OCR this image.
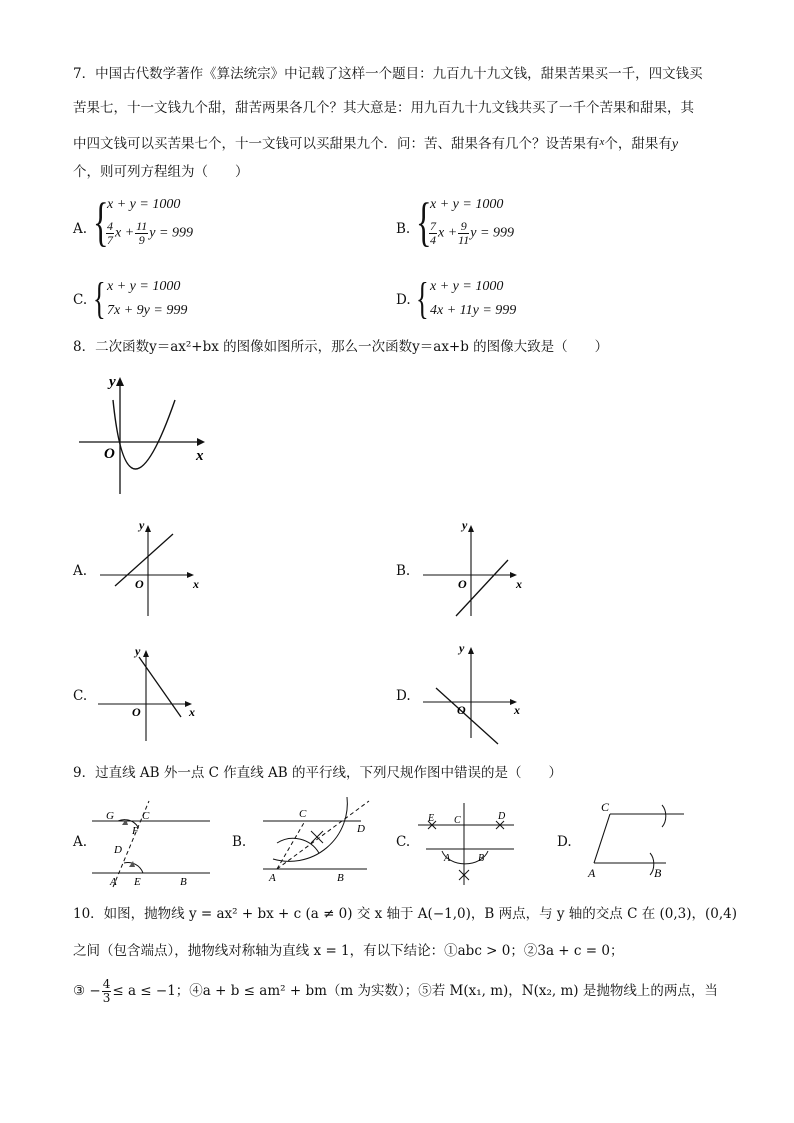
7．中国古代数学著作《算法统宗》中记载了这样一个题目：九百九十九文钱，甜果苦果买一千，四文钱买
苦果七，十一文钱九个甜，甜苦两果各几个？其大意是：用九百九十九文钱共买了一千个苦果和甜果，其
中四文钱可以买苦果七个，十一文钱可以买甜果九个．问：苦、甜果各有几个？设苦果有$^x$个，甜果有y
个，则可列方程组为（　　）
A. {
x + y = 1000
$\frac{4}{7}$ $x + \frac{11}{9}$ y = 999	B. {
x + y = 1000
$\frac{7}{4}$ $x + \frac{9}{11}$ y = 999
C. { x + y = 1000
7x + 9y = 999
D. { x + y = 1000
4x + 11y = 999
8．二次函数y＝ax²+bx 的图像如图所示，那么一次函数y＝ax+b 的图像大致是（　　）
y
x
O
A.
y
x
O
B.
y
x
O
C.
y
x
O
D.
y
x
O
9．过直线 AB 外一点 C 作直线 AB 的平行线，下列尺规作图中错误的是（　　）
A.
G	C
F
D
A E	B
B.
C
D
A	B
C.
E C	D
A	B
D.
C
A	B
10．如图，抛物线 y = ax² + bx + c (a ≠ 0) 交 x 轴于 A(−1,0)，B 两点，与 y 轴的交点 C 在 (0,3)，(0,4)
之间（包含端点），抛物线对称轴为直线 x = 1，有以下结论：①abc > 0；②3a + c = 0；
③ − $\frac{4}{3} \le a \le -1$；④a + b ≤ am² + bm（m 为实数）；⑤若 M(x₁, m)，N(x₂, m) 是抛物线上的两点，当
